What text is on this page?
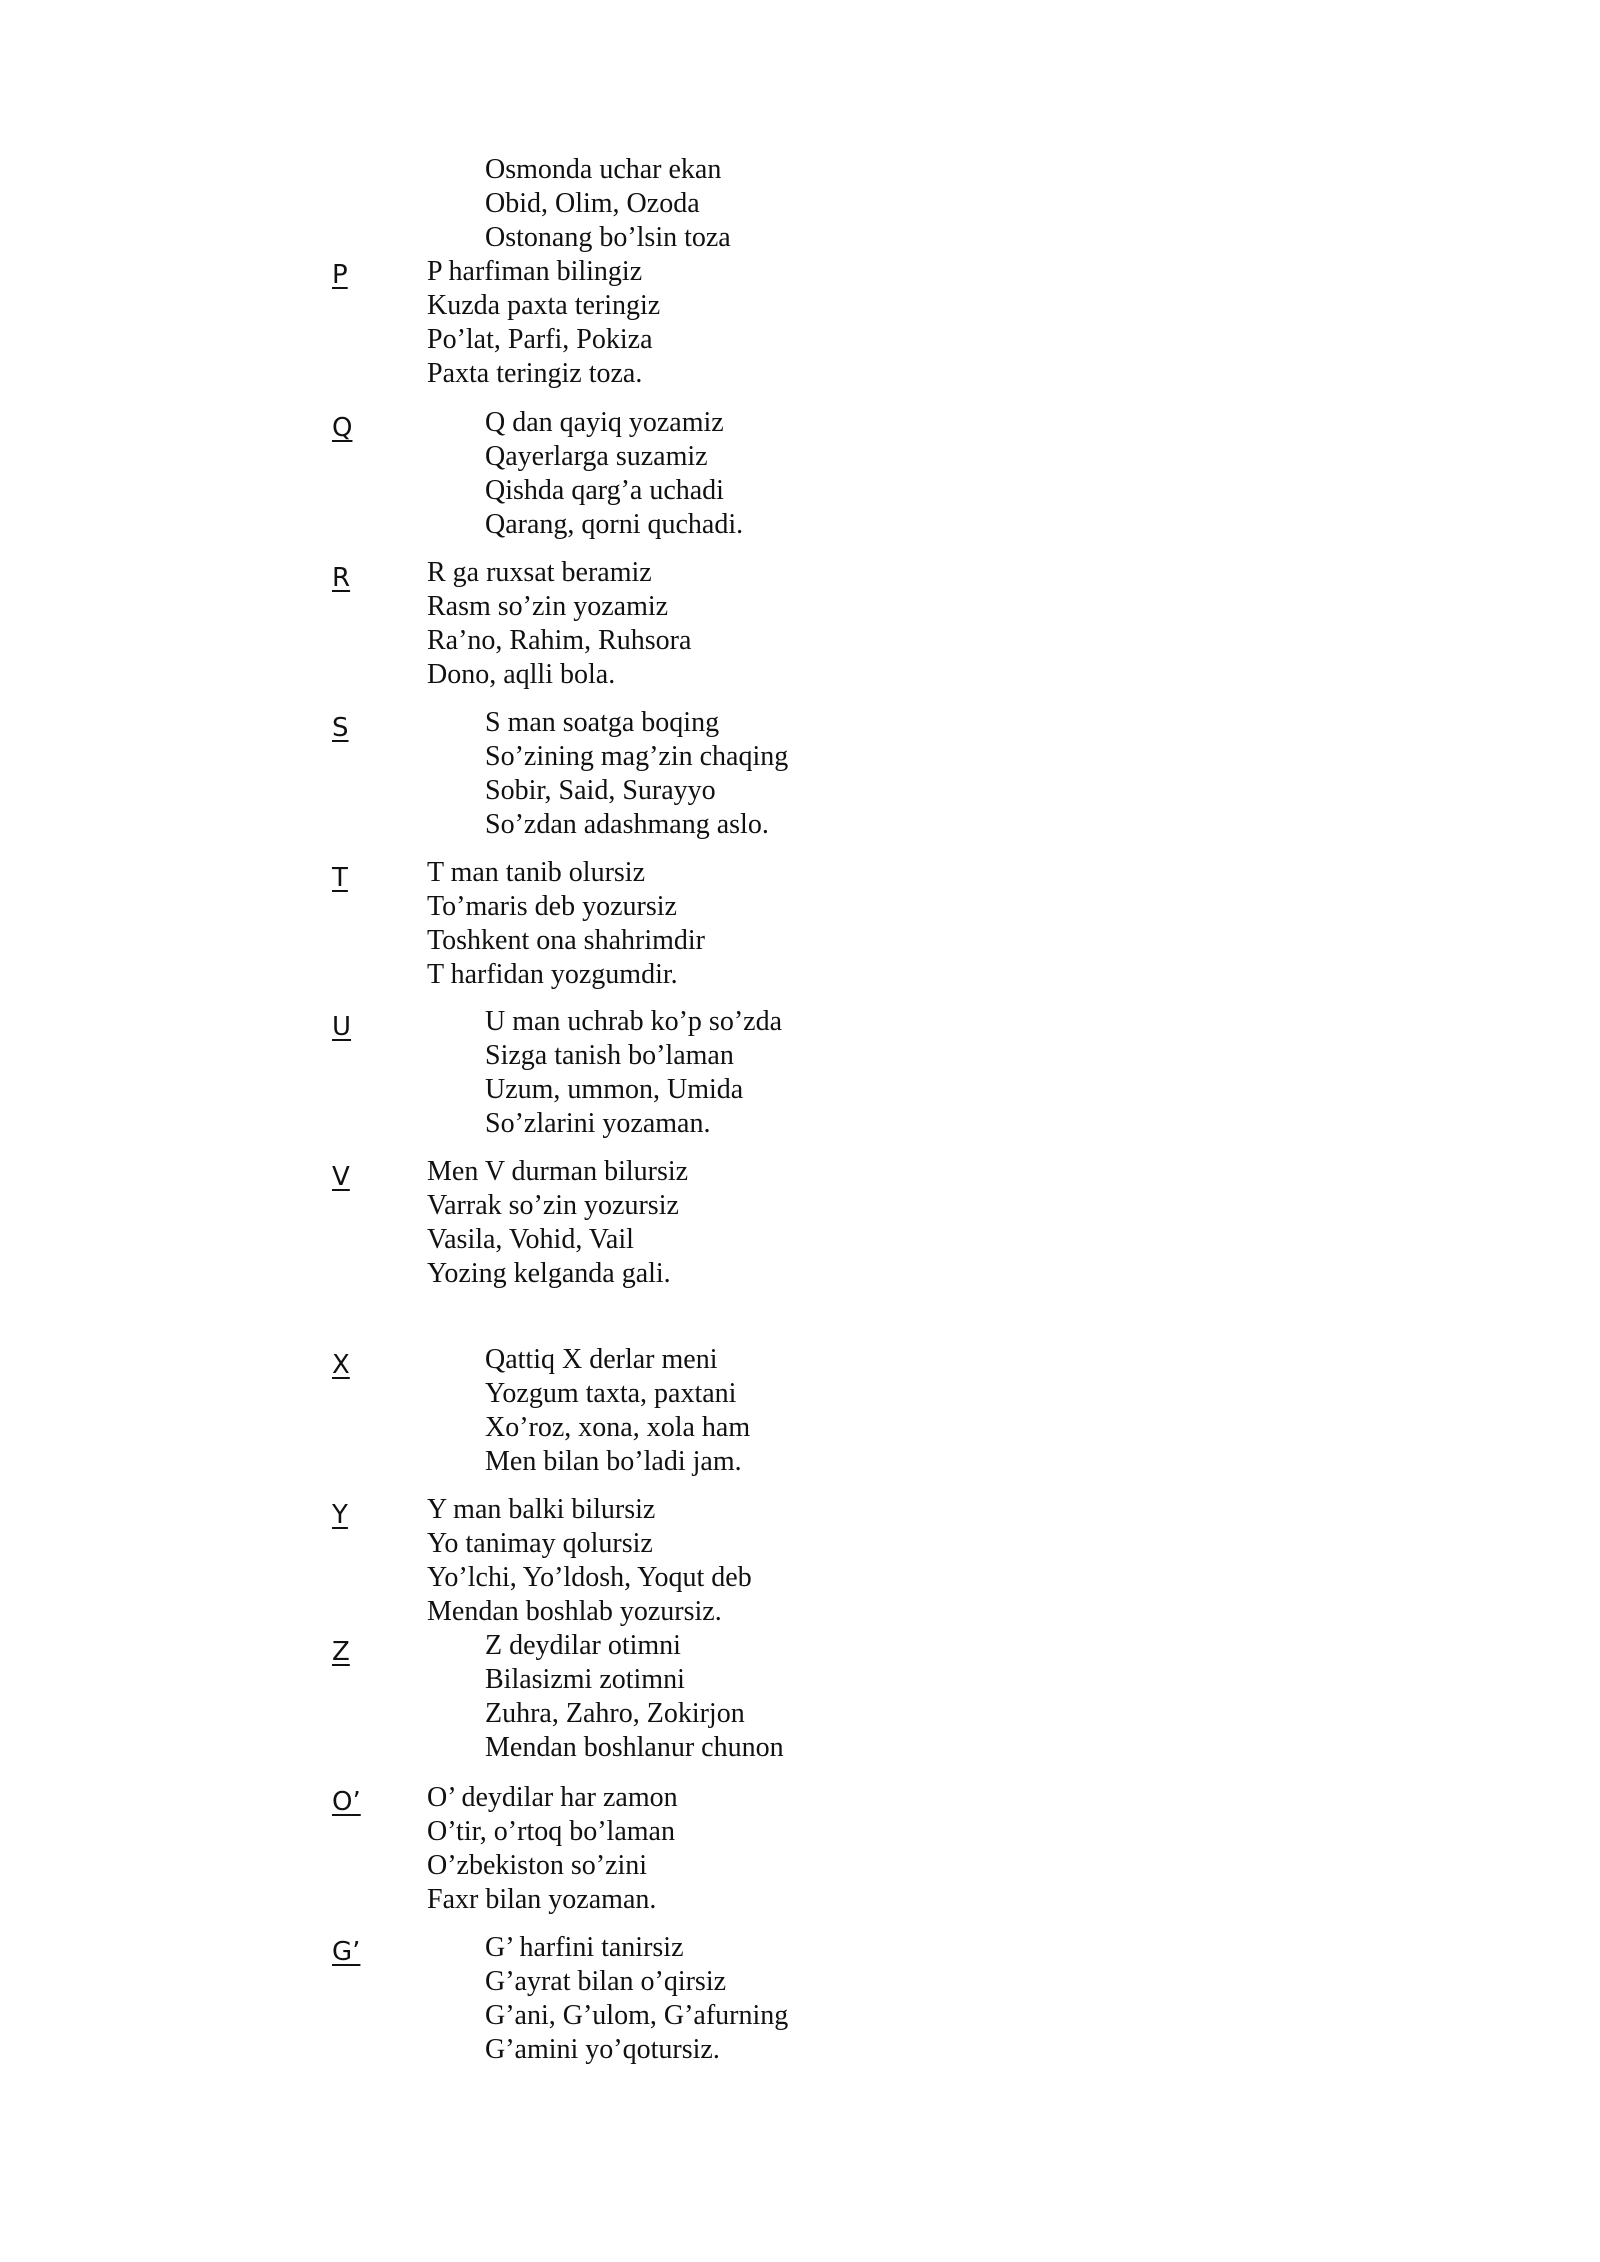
Osmonda uchar ekan
Obid, Olim, Ozoda
Ostonang bo’lsin toza
P	P harfiman bilingiz
Kuzda paxta teringiz
Po’lat, Parfi, Pokiza
Paxta teringiz toza.
Q	Q dan qayiq yozamiz
Qayerlarga suzamiz
Qishda qarg’a uchadi
Qarang, qorni quchadi.
R	R ga ruxsat beramiz
Rasm so’zin yozamiz
Ra’no, Rahim, Ruhsora
Dono, aqlli bola.
S	S man soatga boqing
So’zining mag’zin chaqing
Sobir, Said, Surayyo
So’zdan adashmang aslo.
T	T man tanib olursiz
To’maris deb yozursiz
Toshkent ona shahrimdir
T harfidan yozgumdir.
U	U man uchrab ko’p so’zda
Sizga tanish bo’laman
Uzum, ummon, Umida
So’zlarini yozaman.
V	Men V durman bilursiz
Varrak so’zin yozursiz
Vasila, Vohid, Vail
Yozing kelganda gali.
X	Qattiq X derlar meni
Yozgum taxta, paxtani
Xo’roz, xona, xola ham
Men bilan bo’ladi jam.
Y	Y man balki bilursiz
Yo tanimay qolursiz
Yo’lchi, Yo’ldosh, Yoqut deb
Mendan boshlab yozursiz.
Z	Z deydilar otimni
Bilasizmi zotimni
Zuhra, Zahro, Zokirjon
Mendan boshlanur chunon
O’ O’ deydilar har zamon
O’tir, o’rtoq bo’laman
O’zbekiston so’zini
Faxr bilan yozaman.
G’	G’ harfini tanirsiz
G’ayrat bilan o’qirsiz
G’ani, G’ulom, G’afurning
G’amini yo’qotursiz.
